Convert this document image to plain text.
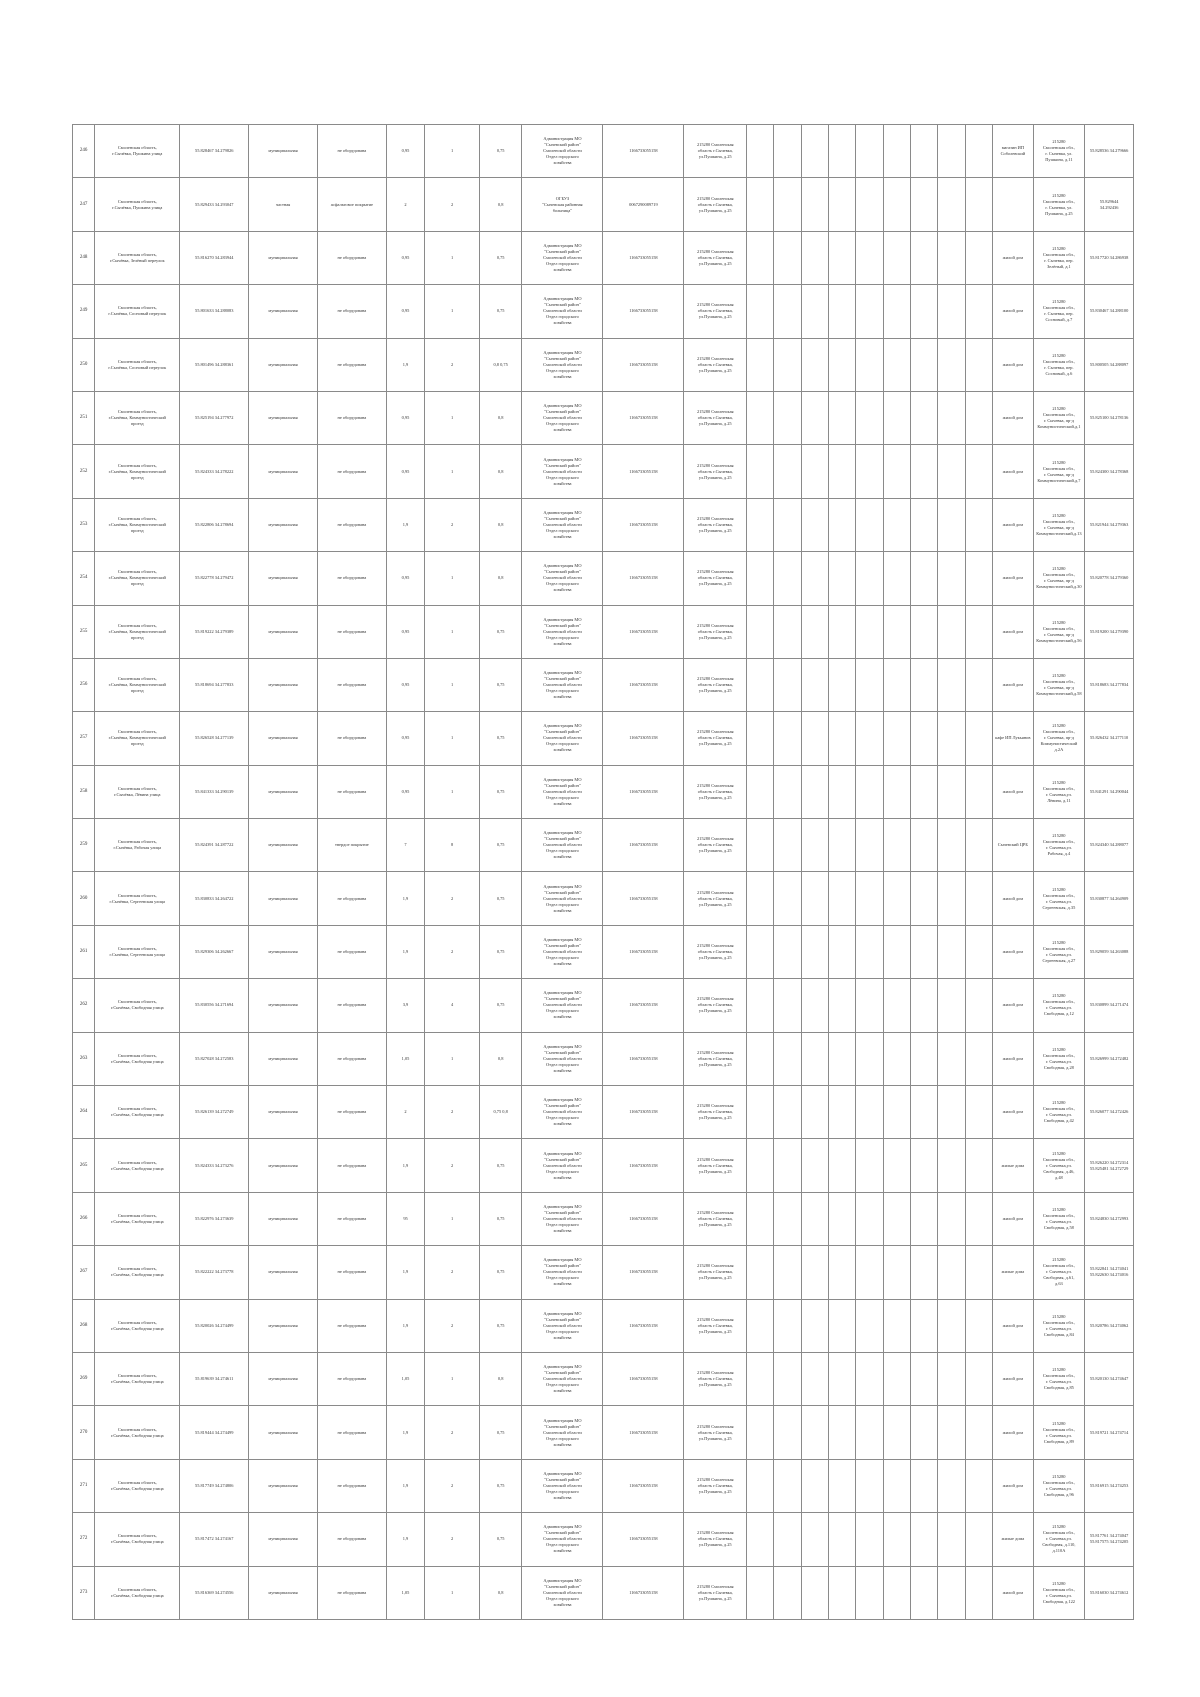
246	Смоленская область,
г.Сычёвка, Пушкина улица	55.828467 34.279826	муниципальная	не оборудована	0,95	1	0,75	Администрация МО
"Сычевский район"
Смоленской области
Отдел городского
хозяйства	1166733055158	215280 Смоленская
область г.Сычевка,
ул.Пушкина, д.25										магазин ИП
Соболевский	215280
Смоленская обл.,
г. Сычевка, ул.
Пушкина, д.11	55.828536 34.279666
247	Смоленская область,
г.Сычёвка, Пушкина улица	55.829433 34.293047	частная	асфальтовое покрытие	2	2	0,8	ОГБУЗ
"Сычевская районная
больница"	0067290089719	215280 Смоленская
область г.Сычевка,
ул.Пушкина, д.25											215280
Смоленская обл.,
г. Сычевка, ул.
Пушкина, д.25	55.829644
34.292436
248	Смоленская область,
г.Сычёвка, Зелёный переулок	55.816270 34.283944	муниципальная	не оборудована	0,95	1	0,75	Администрация МО
"Сычевский район"
Смоленской области
Отдел городского
хозяйства	1166733055158	215280 Смоленская
область г.Сычевка,
ул.Пушкина, д.25										жилой дом	215280
Смоленская обл.,
г. Сычевка, пер.
Зелёный, д.1	55.817720 34.286938
249	Смоленская область,
г.Сычёвка, Сосновый переулок	55.801633 34.288083	муниципальная	не оборудована	0,95	1	0,75	Администрация МО
"Сычевский район"
Смоленской области
Отдел городского
хозяйства	1166733055158	215280 Смоленская
область г.Сычевка,
ул.Пушкина, д.25										жилой дом	215280
Смоленская обл.,
г. Сычевка, пер.
Сосновый, д.7	55.830467 34.288100
250	Смоленская область,
г.Сычёвка, Сосновый переулок	55.801496 34.288361	муниципальная	не оборудована	1,9	2	0,8 0,75	Администрация МО
"Сычевский район"
Смоленской области
Отдел городского
хозяйства	1166733055158	215280 Смоленская
область г.Сычевка,
ул.Пушкина, д.25										жилой дом	215280
Смоленская обл.,
г. Сычевка, пер.
Сосновый, д.6	55.800505 34.288097
251	Смоленская область,
г.Сычёвка, Коммунистический
проезд	55.825194 34.277972	муниципальная	не оборудована	0,95	1	0,8	Администрация МО
"Сычевский район"
Смоленской области
Отдел городского
хозяйства	1166733055158	215280 Смоленская
область г.Сычевка,
ул.Пушкина, д.25										жилой дом	215280
Смоленская обл.,
г. Сычевка, пр-д
Коммунистический,д.1	55.825100 34.278136
252	Смоленская область,
г.Сычёвка, Коммунистический
проезд	55.824333 34.278222	муниципальная	не оборудована	0,95	1	0,8	Администрация МО
"Сычевский район"
Смоленской области
Отдел городского
хозяйства	1166733055158	215280 Смоленская
область г.Сычевка,
ул.Пушкина, д.25										жилой дом	215280
Смоленская обл.,
г. Сычевка, пр-д
Коммунистический,д.7	55.824300 34.278368
253	Смоленская область,
г.Сычёвка, Коммунистический
проезд	55.822806 34.278694	муниципальная	не оборудована	1,9	2	0,8	Администрация МО
"Сычевский район"
Смоленской области
Отдел городского
хозяйства	1166733055158	215280 Смоленская
область г.Сычевка,
ул.Пушкина, д.25										жилой дом	215280
Смоленская обл.,
г. Сычевка, пр-д
Коммунистический,д.13	55.821944 34.279363
254	Смоленская область,
г.Сычёвка, Коммунистический
проезд	55.822778 34.279472	муниципальная	не оборудована	0,95	1	0,8	Администрация МО
"Сычевский район"
Смоленской области
Отдел городского
хозяйства	1166733055158	215280 Смоленская
область г.Сычевка,
ул.Пушкина, д.25										жилой дом	215280
Смоленская обл.,
г. Сычевка, пр-д
Коммунистический,д.30	55.820778 34.279360
255	Смоленская область,
г.Сычёвка, Коммунистический
проезд	55.819222 34.279389	муниципальная	не оборудована	0,95	1	0,75	Администрация МО
"Сычевский район"
Смоленской области
Отдел городского
хозяйства	1166733055158	215280 Смоленская
область г.Сычевка,
ул.Пушкина, д.25										жилой дом	215280
Смоленская обл.,
г. Сычевка, пр-д
Коммунистический,д.56	55.819200 34.279390
256	Смоленская область,
г.Сычёвка, Коммунистический
проезд	55.818694 34.277833	муниципальная	не оборудована	0,95	1	0,75	Администрация МО
"Сычевский район"
Смоленской области
Отдел городского
хозяйства	1166733055158	215280 Смоленская
область г.Сычевка,
ул.Пушкина, д.25										жилой дом	215280
Смоленская обл.,
г. Сычевка, пр-д
Коммунистический,д.58	55.818683 34.277834
257	Смоленская область,
г.Сычёвка, Коммунистический
проезд	55.826528 34.277139	муниципальная	не оборудована	0,95	1	0,75	Администрация МО
"Сычевский район"
Смоленской области
Отдел городского
хозяйства	1166733055158	215280 Смоленская
область г.Сычевка,
ул.Пушкина, д.25										кафе ИП Лукьянов	215280
Смоленская обл.,
г. Сычевка, пр-д
Коммунистический
д.2А	55.826432 34.277110
258	Смоленская область,
г.Сычёвка, Лёвина улица	55.841333 34.290139	муниципальная	не оборудована	0,95	1	0,75	Администрация МО
"Сычевский район"
Смоленской области
Отдел городского
хозяйства	1166733055158	215280 Смоленская
область г.Сычевка,
ул.Пушкина, д.25										жилой дом	215280
Смоленская обл.,
г. Сычевка,ул.
Лёвина, д.11	55.841291 34.290044
259	Смоленская область,
г.Сычёвка, Рабочая улица	55.824391 34.287722	муниципальная	твердое покрытие	7	8	0,75	Администрация МО
"Сычевский район"
Смоленской области
Отдел городского
хозяйства	1166733055158	215280 Смоленская
область г.Сычевка,
ул.Пушкина, д.25										Сычевский ЦРБ	215280
Смоленская обл.,
г. Сычевка,ул.
Рабочая, д.4	55.824340 34.288077
260	Смоленская область,
г.Сычёвка, Сергеевская улица	55.830833 34.264722	муниципальная	не оборудована	1,9	2	0,75	Администрация МО
"Сычевский район"
Смоленской области
Отдел городского
хозяйства	1166733055158	215280 Смоленская
область г.Сычевка,
ул.Пушкина, д.25										жилой дом	215280
Смоленская обл.,
г. Сычевка,ул.
Сергеевская, д.35	55.830877 34.264909
261	Смоленская область,
г.Сычёвка, Сергеевская улица	55.829306 34.262667	муниципальная	не оборудована	1,9	2	0,75	Администрация МО
"Сычевский район"
Смоленской области
Отдел городского
хозяйства	1166733055158	215280 Смоленская
область г.Сычевка,
ул.Пушкина, д.25										жилой дом	215280
Смоленская обл.,
г. Сычевка,ул.
Сергеевская, д.27	55.829059 34.263088
262	Смоленская область,
г.Сычёвка, Свободная улица	55.830556 34.271694	муниципальная	не оборудована	3,9	4	0,75	Администрация МО
"Сычевский район"
Смоленской области
Отдел городского
хозяйства	1166733055158	215280 Смоленская
область г.Сычевка,
ул.Пушкина, д.25										жилой дом	215280
Смоленская обл.,
г. Сычевка,ул.
Свободная, д.12	55.830899 34.271474
263	Смоленская область,
г.Сычёвка, Свободная улица	55.827028 34.272583	муниципальная	не оборудована	1,05	1	0,8	Администрация МО
"Сычевский район"
Смоленской области
Отдел городского
хозяйства	1166733055158	215280 Смоленская
область г.Сычевка,
ул.Пушкина, д.25										жилой дом	215280
Смоленская обл.,
г. Сычевка,ул.
Свободная, д.28	55.826999 34.272482
264	Смоленская область,
г.Сычёвка, Свободная улица	55.826139 34.272749	муниципальная	не оборудована	2	2	0,75 0,8	Администрация МО
"Сычевский район"
Смоленской области
Отдел городского
хозяйства	1166733055158	215280 Смоленская
область г.Сычевка,
ул.Пушкина, д.25										жилой дом	215280
Смоленская обл.,
г. Сычевка,ул.
Свободная, д.42	55.826077 34.272426
265	Смоленская область,
г.Сычёвка, Свободная улица	55.824333 34.273276	муниципальная	не оборудована	1,9	2	0,75	Администрация МО
"Сычевский район"
Смоленской области
Отдел городского
хозяйства	1166733055158	215280 Смоленская
область г.Сычевка,
ул.Пушкина, д.25										жилые дома	215280
Смоленская обл.,
г. Сычевка,ул.
Свободная, д.46,
д.48	55.826220 34.272314
55.825481 34.272729
266	Смоленская область,
г.Сычёвка, Свободная улица	55.822976 34.273639	муниципальная	не оборудована	95	1	0,75	Администрация МО
"Сычевский район"
Смоленской области
Отдел городского
хозяйства	1166733055158	215280 Смоленская
область г.Сычевка,
ул.Пушкина, д.25										жилой дом	215280
Смоленская обл.,
г. Сычевка,ул.
Свободная, д.58	55.824830 34.272993
267	Смоленская область,
г.Сычёвка, Свободная улица	55.822222 34.273778	муниципальная	не оборудована	1,9	2	0,75	Администрация МО
"Сычевский район"
Смоленской области
Отдел городского
хозяйства	1166733055158	215280 Смоленская
область г.Сычевка,
ул.Пушкина, д.25										жилые дома	215280
Смоленская обл.,
г. Сычевка,ул.
Свободная, д.61,
д.63	55.822841 34.274041
55.822630 34.274016
268	Смоленская область,
г.Сычёвка, Свободная улица	55.820026 34.274499	муниципальная	не оборудована	1,9	2	0,75	Администрация МО
"Сычевский район"
Смоленской области
Отдел городского
хозяйства	1166733055158	215280 Смоленская
область г.Сычевка,
ул.Пушкина, д.25										жилой дом	215280
Смоленская обл.,
г. Сычевка,ул.
Свободная, д.84	55.820786 34.274062
269	Смоленская область,
г.Сычёвка, Свободная улица	55.819639 34.274611	муниципальная	не оборудована	1,05	1	0,8	Администрация МО
"Сычевский район"
Смоленской области
Отдел городского
хозяйства	1166733055158	215280 Смоленская
область г.Сычевка,
ул.Пушкина, д.25										жилой дом	215280
Смоленская обл.,
г. Сычевка,ул.
Свободная, д.85	55.820130 34.274647
270	Смоленская область,
г.Сычёвка, Свободная улица	55.819444 34.274499	муниципальная	не оборудована	1,9	2	0,75	Администрация МО
"Сычевский район"
Смоленской области
Отдел городского
хозяйства	1166733055158	215280 Смоленская
область г.Сычевка,
ул.Пушкина, д.25										жилой дом	215280
Смоленская обл.,
г. Сычевка,ул.
Свободная, д.89	55.819721 34.274714
271	Смоленская область,
г.Сычёвка, Свободная улица	55.817749 34.274806	муниципальная	не оборудована	1,9	2	0,75	Администрация МО
"Сычевский район"
Смоленской области
Отдел городского
хозяйства	1166733055158	215280 Смоленская
область г.Сычевка,
ул.Пушкина, д.25										жилой дом	215280
Смоленская обл.,
г. Сычевка,ул.
Свободная, д.96	55.816915 34.274253
272	Смоленская область,
г.Сычёвка, Свободная улица	55.817472 34.274167	муниципальная	не оборудована	1,9	2	0,75	Администрация МО
"Сычевский район"
Смоленской области
Отдел городского
хозяйства	1166733055158	215280 Смоленская
область г.Сычевка,
ул.Пушкина, д.25										жилые дома	215280
Смоленская обл.,
г. Сычевка,ул.
Свободная, д.110,
д.110А	55.817761 34.274047
55.817575 34.274205
273	Смоленская область,
г.Сычёвка, Свободная улица	55.816369 34.274556	муниципальная	не оборудована	1,05	1	0,8	Администрация МО
"Сычевский район"
Смоленской области
Отдел городского
хозяйства	1166733055158	215280 Смоленская
область г.Сычевка,
ул.Пушкина, д.25										жилой дом	215280
Смоленская обл.,
г. Сычевка,ул.
Свободная, д.122	55.816030 34.274612
